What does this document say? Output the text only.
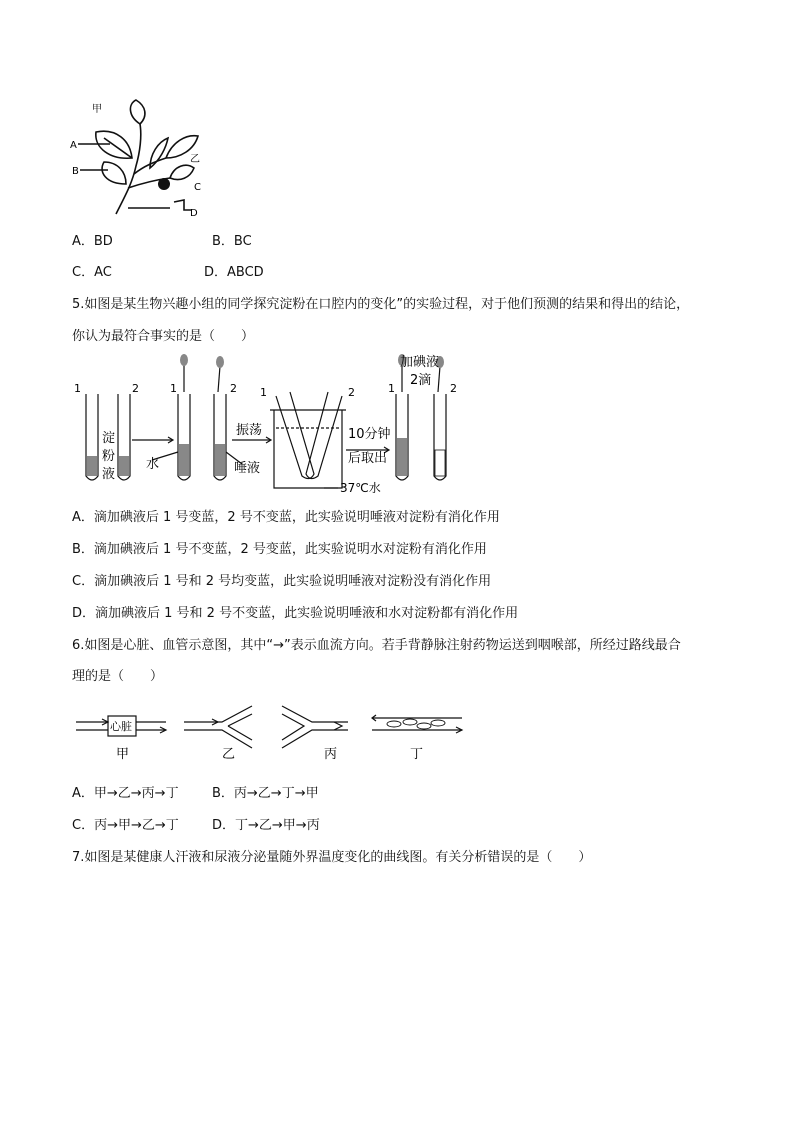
甲
A
B
乙
C
D
A．BD	B．BC
C．AC	D．ABCD
5.如图是某生物兴趣小组的同学探究淀粉在口腔内的变化”的实验过程，对于他们预测的结果和得出的结论，
你认为最符合事实的是（　　）
1	2	1	2 1	2	1	2
淀
粉
液
水
振荡
唾液
10分钟
后取出
37℃水
加碘液
2滴
A．滴加碘液后 1 号变蓝，2 号不变蓝，此实验说明唾液对淀粉有消化作用
B．滴加碘液后 1 号不变蓝，2 号变蓝，此实验说明水对淀粉有消化作用
C．滴加碘液后 1 号和 2 号均变蓝，此实验说明唾液对淀粉没有消化作用
D．滴加碘液后 1 号和 2 号不变蓝，此实验说明唾液和水对淀粉都有消化作用
6.如图是心脏、血管示意图，其中“→”表示血流方向。若手背静脉注射药物运送到咽喉部，所经过路线最合
理的是（　　）
心脏
甲	乙	丙	丁
A．甲→乙→丙→丁	B．丙→乙→丁→甲
C．丙→甲→乙→丁	D．丁→乙→甲→丙
7.如图是某健康人汗液和尿液分泌量随外界温度变化的曲线图。有关分析错误的是（　　）
